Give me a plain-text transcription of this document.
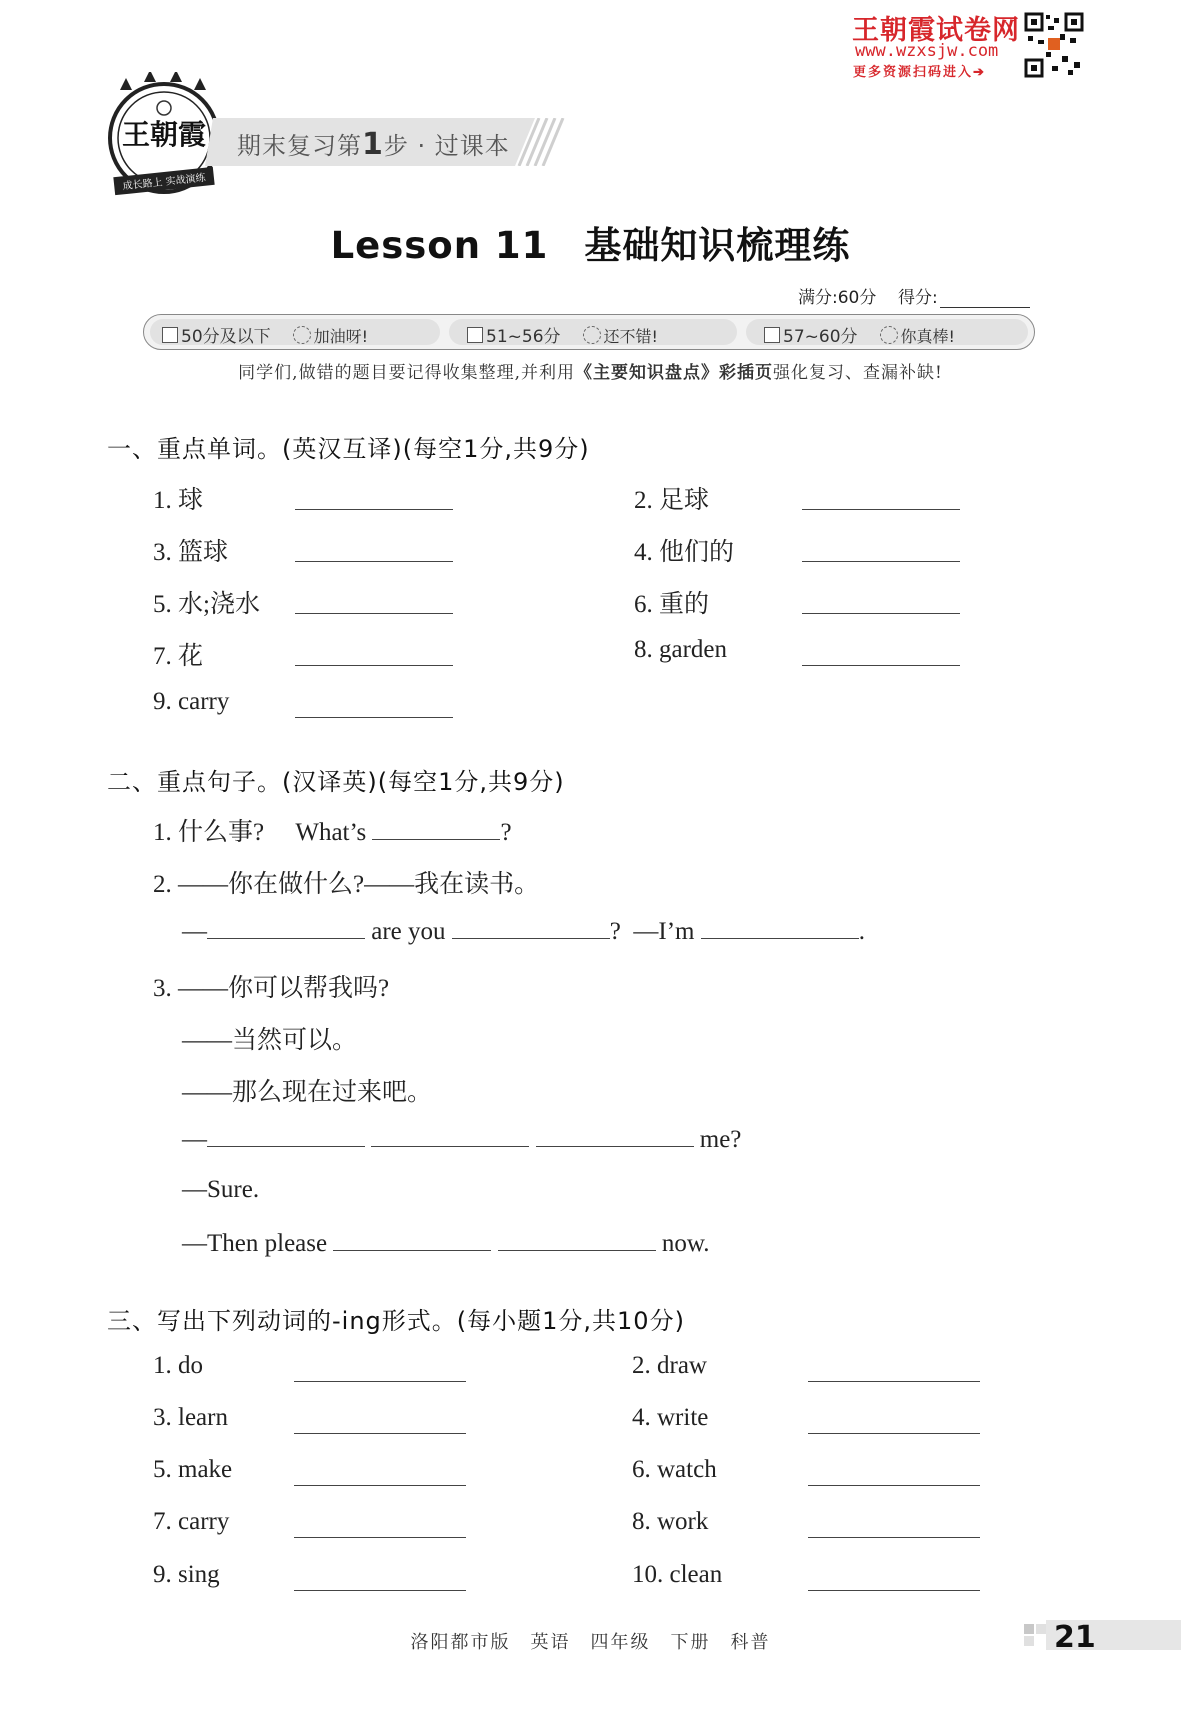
王朝霞试卷网
www.wzxsjw.com
更多资源扫码进入➔
王朝霞
成长路上 实战演练
期末复习第1步 · 过课本
Lesson 11 基础知识梳理练
满分:60分 得分:
50分及以下	加油呀!	51~56分	还不错!	57~60分	你真棒!
同学们,做错的题目要记得收集整理,并利用《主要知识盘点》彩插页强化复习、查漏补缺!
一、重点单词。(英汉互译)(每空1分,共9分)
1. 球	2. 足球
3. 篮球	4. 他们的
5. 水;浇水	6. 重的
7. 花	8. garden
9. carry
二、重点句子。(汉译英)(每空1分,共9分)
1. 什么事? What’s	?
2. ——你在做什么?——我在读书。
—	are you	? —I’m	.
3. ——你可以帮我吗?
——当然可以。
——那么现在过来吧。
—	me?
—Sure.
—Then please	now.
三、写出下列动词的-ing形式。(每小题1分,共10分)
1. do	2. draw
3. learn	4. write
5. make	6. watch
7. carry	8. work
9. sing	10. clean
洛阳都市版　英语　四年级　下册　科普	21
